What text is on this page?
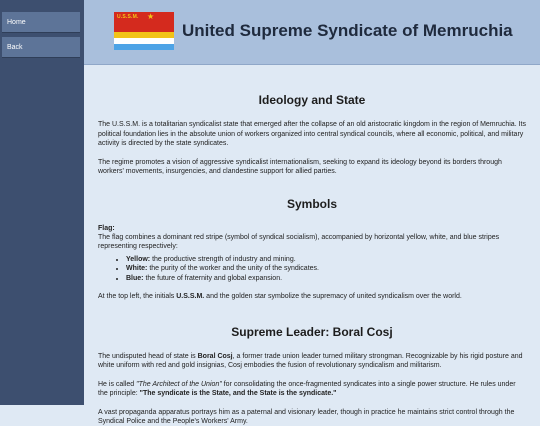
Home
Back
U.S.S.M. ★
United Supreme Syndicate of Memruchia
Ideology and State

The U.S.S.M. is a totalitarian syndicalist state that emerged after the collapse of an old aristocratic kingdom in the region of Memruchia. Its political foundation lies in the absolute union of workers organized into central syndical councils, where all economic, political, and military activity is directed by the state syndicates.

The regime promotes a vision of aggressive syndicalist internationalism, seeking to expand its ideology beyond its borders through workers' movements, insurgencies, and clandestine support for allied parties.

Symbols
Flag:
The flag combines a dominant red stripe (symbol of syndical socialism), accompanied by horizontal yellow, white, and blue stripes representing respectively:
• Yellow: the productive strength of industry and mining.
• White: the purity of the worker and the unity of the syndicates.
• Blue: the future of fraternity and global expansion.

At the top left, the initials U.S.S.M. and the golden star symbolize the supremacy of united syndicalism over the world.

Supreme Leader: Boral Cosj

The undisputed head of state is Boral Cosj, a former trade union leader turned military strongman. Recognizable by his rigid posture and white uniform with red and gold insignias, Cosj embodies the fusion of revolutionary syndicalism and militarism.

He is called "The Architect of the Union" for consolidating the once-fragmented syndicates into a single power structure. He rules under the principle: "The syndicate is the State, and the State is the syndicate."

A vast propaganda apparatus portrays him as a paternal and visionary leader, though in practice he maintains strict control through the Syndical Police and the People's Workers' Army.
